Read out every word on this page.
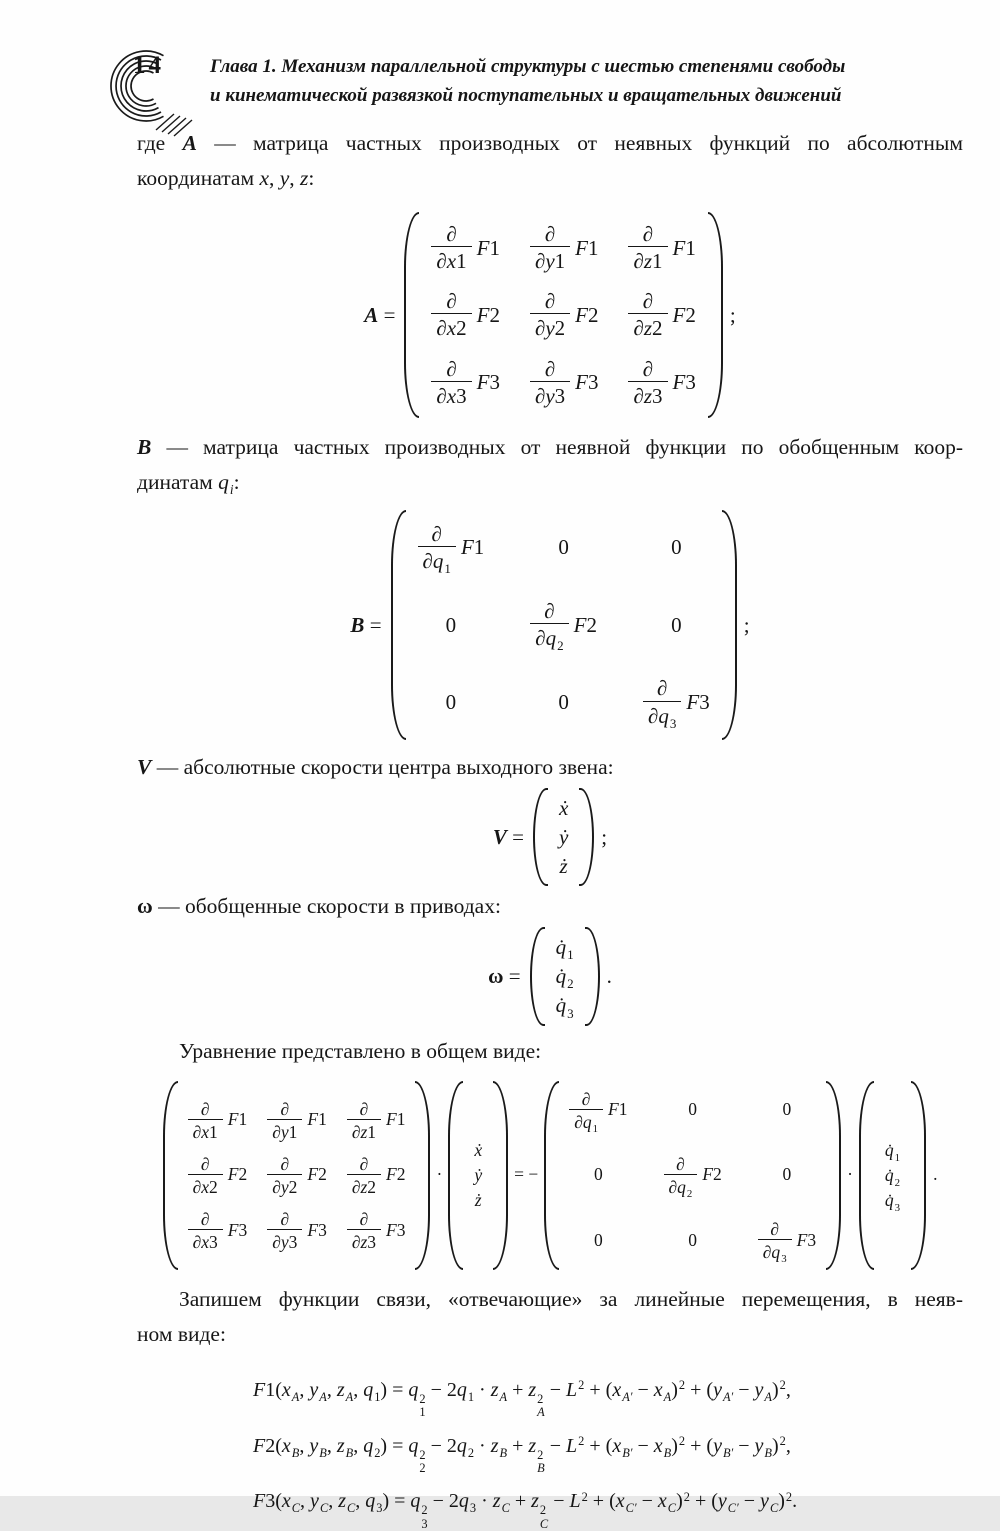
14 Глава 1. Механизм параллельной структуры с шестью степенями свободы
и кинематической развязкой поступательных и вращательных движений

где A — матрица частных производных от неявных функций по абсолютным
координатам x, y, z:

A =
$\frac{\partial}{\partial x1} F1 \frac{\partial}{\partial y1} F1 \frac{\partial}{\partial z1} F1$
$\frac{\partial}{\partial x2} F2 \frac{\partial}{\partial y2} F2 \frac{\partial}{\partial z2} F2$
$\frac{\partial}{\partial x3} F3 \frac{\partial}{\partial y3} F3 \frac{\partial}{\partial z3} F3$
;

B — матрица частных производных от неявной функции по обобщенным коор-
динатам $q_i$:

B =
$\frac{\partial}{\partial q_1} F1$	0	0
0	$\frac{\partial}{\partial q_2} F2$	0
0	0	$\frac{\partial}{\partial q_3} F3$
;

V — абсолютные скорости центра выходного звена:

V =
ẋ
ẏ
ż
;

ω — обобщенные скорости в приводах:

ω =
$q̇_1$
$q̇_2$
$q̇_3$
.

Уравнение представлено в общем виде:

$\frac{\partial}{\partial x1} F1 \frac{\partial}{\partial y1} F1 \frac{\partial}{\partial z1} F1$
$\frac{\partial}{\partial x2} F2 \frac{\partial}{\partial y2} F2 \frac{\partial}{\partial z2} F2$
$\frac{\partial}{\partial x3} F3 \frac{\partial}{\partial y3} F3 \frac{\partial}{\partial z3} F3$
·
ẋ
ẏ
ż
= −
$\frac{\partial}{\partial q_1} F1$	0	0
0	$\frac{\partial}{\partial q_2} F2$	0
0	0	$\frac{\partial}{\partial q_3} F3$
·
$q̇_1$
$q̇_2$
$q̇_3$
.

Запишем функции связи, «отвечающие» за линейные перемещения, в неяв-
ном виде:

$F1(x_A$, $y_A$, $z_A$, $q_1) = q$ 2
1
− $2q_1 \cdot z_A + z$ 2
A
− $L^2 + (x_{A'} - x_A)^2 + (y_{A'} - y_A)^2$,
$F2(x_B$, $y_B$, $z_B$, $q_2) = q$ 2
2
− $2q_2 \cdot z_B + z$ 2
B
− $L^2 + (x_{B'} - x_B)^2 + (y_{B'} - y_B)^2$,
$F3(x_C$, $y_C$, $z_C$, $q_3) = q$ 2
3
− $2q_3 \cdot z_C + z$ 2
C
− $L^2 + (x_{C'} - x_C)^2 + (y_{C'} - y_C)^2$.
